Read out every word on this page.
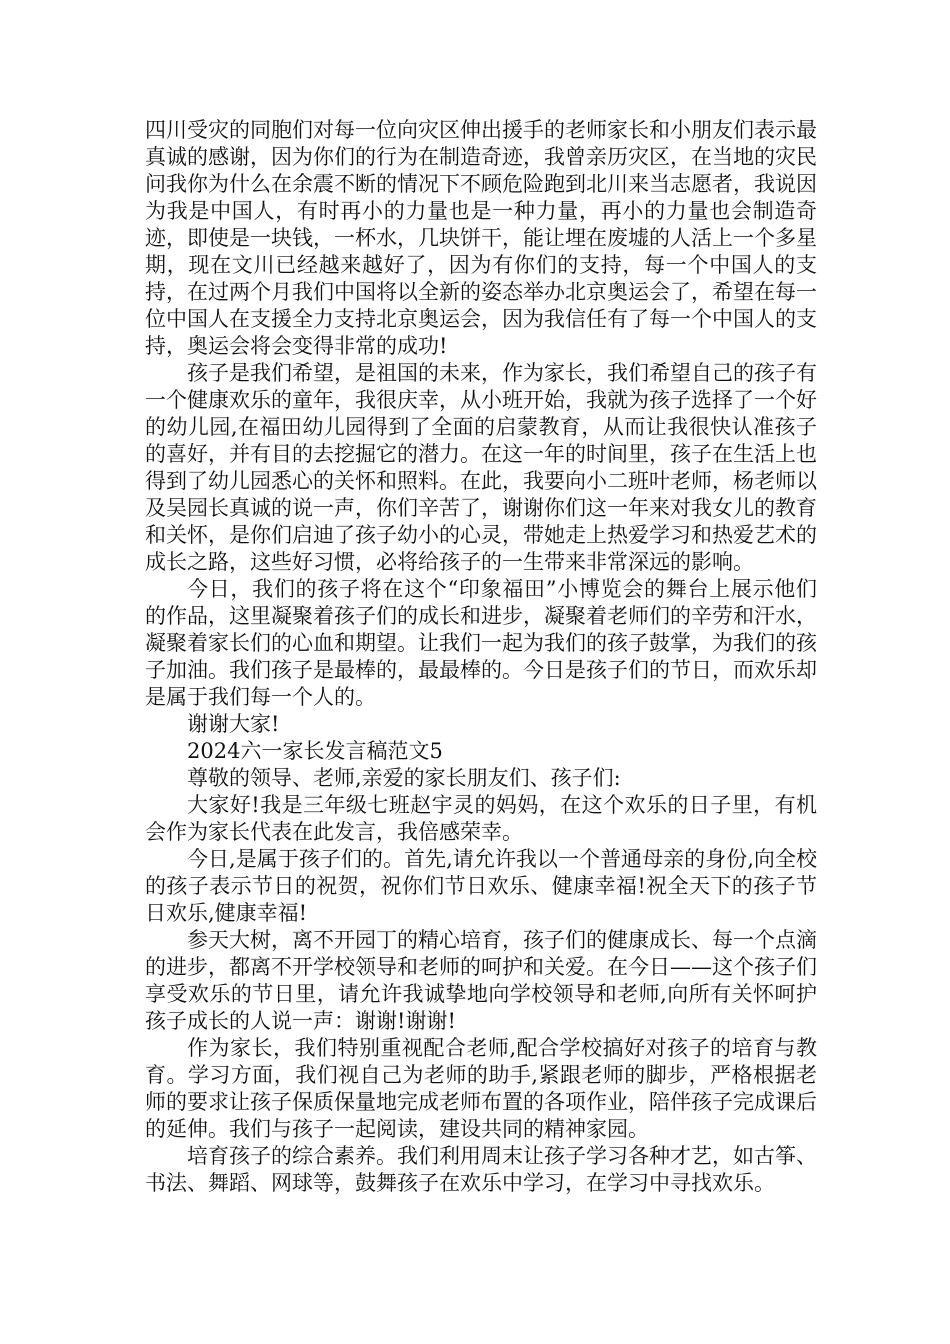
四川受灾的同胞们对每一位向灾区伸出援手的老师家长和小朋友们表示最真诚的感谢，因为你们的行为在制造奇迹，我曾亲历灾区，在当地的灾民问我你为什么在余震不断的情况下不顾危险跑到北川来当志愿者，我说因为我是中国人，有时再小的力量也是一种力量，再小的力量也会制造奇迹，即使是一块钱，一杯水，几块饼干，能让埋在废墟的人活上一个多星期，现在文川已经越来越好了，因为有你们的支持，每一个中国人的支持，在过两个月我们中国将以全新的姿态举办北京奥运会了，希望在每一位中国人在支援全力支持北京奥运会，因为我信任有了每一个中国人的支持，奥运会将会变得非常的成功!

孩子是我们希望，是祖国的未来，作为家长，我们希望自己的孩子有一个健康欢乐的童年，我很庆幸，从小班开始，我就为孩子选择了一个好的幼儿园,在福田幼儿园得到了全面的启蒙教育，从而让我很快认准孩子的喜好，并有目的去挖掘它的潜力。在这一年的时间里，孩子在生活上也得到了幼儿园悉心的关怀和照料。在此，我要向小二班叶老师，杨老师以及吴园长真诚的说一声，你们辛苦了，谢谢你们这一年来对我女儿的教育和关怀，是你们启迪了孩子幼小的心灵，带她走上热爱学习和热爱艺术的成长之路，这些好习惯，必将给孩子的一生带来非常深远的影响。

今日，我们的孩子将在这个“印象福田”小博览会的舞台上展示他们的作品，这里凝聚着孩子们的成长和进步，凝聚着老师们的辛劳和汗水，凝聚着家长们的心血和期望。让我们一起为我们的孩子鼓掌，为我们的孩子加油。我们孩子是最棒的，最最棒的。今日是孩子们的节日，而欢乐却是属于我们每一个人的。

谢谢大家!

2024六一家长发言稿范文5

尊敬的领导、老师,亲爱的家长朋友们、孩子们:

大家好!我是三年级七班赵宇灵的妈妈，在这个欢乐的日子里，有机会作为家长代表在此发言，我倍感荣幸。

今日,是属于孩子们的。首先,请允许我以一个普通母亲的身份,向全校的孩子表示节日的祝贺，祝你们节日欢乐、健康幸福!祝全天下的孩子节日欢乐,健康幸福!

参天大树，离不开园丁的精心培育，孩子们的健康成长、每一个点滴的进步，都离不开学校领导和老师的呵护和关爱。在今日——这个孩子们享受欢乐的节日里，请允许我诚挚地向学校领导和老师,向所有关怀呵护孩子成长的人说一声：谢谢!谢谢!

作为家长，我们特别重视配合老师,配合学校搞好对孩子的培育与教育。学习方面，我们视自己为老师的助手,紧跟老师的脚步，严格根据老师的要求让孩子保质保量地完成老师布置的各项作业，陪伴孩子完成课后的延伸。我们与孩子一起阅读，建设共同的精神家园。

培育孩子的综合素养。我们利用周末让孩子学习各种才艺，如古筝、书法、舞蹈、网球等，鼓舞孩子在欢乐中学习，在学习中寻找欢乐。
